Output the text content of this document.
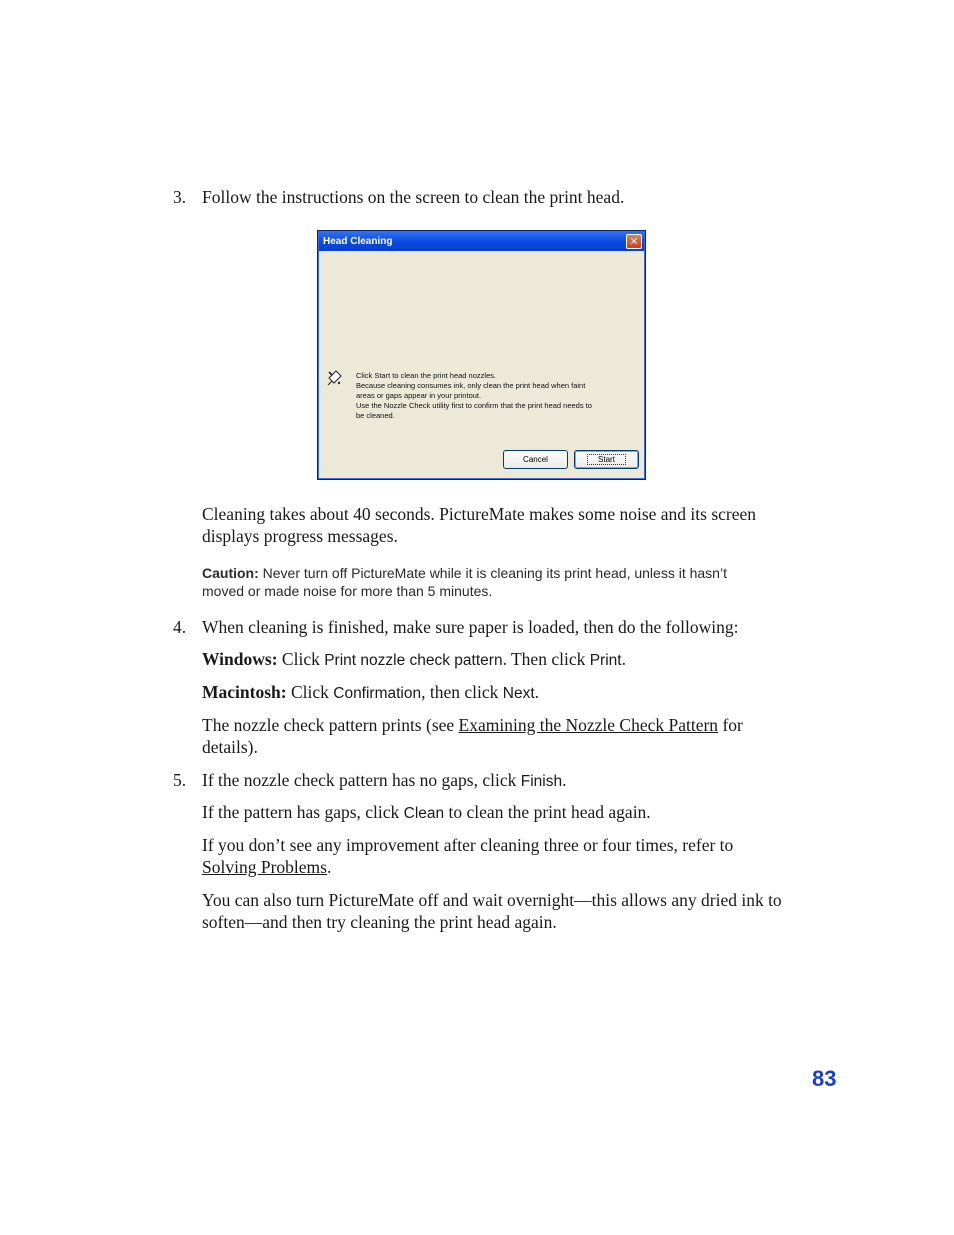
3. Follow the instructions on the screen to clean the print head.
Head Cleaning	✕
Click Start to clean the print head nozzles.
Because cleaning consumes ink, only clean the print head when faint
areas or gaps appear in your printout.
Use the Nozzle Check utility first to confirm that the print head needs to
be cleaned.
Cancel	Start
Cleaning takes about 40 seconds. PictureMate makes some noise and its screen displays progress messages.
Caution: Never turn off PictureMate while it is cleaning its print head, unless it hasn’t moved or made noise for more than 5 minutes.
4. When cleaning is finished, make sure paper is loaded, then do the following:
Windows: Click Print nozzle check pattern. Then click Print.
Macintosh: Click Confirmation, then click Next.
The nozzle check pattern prints (see Examining the Nozzle Check Pattern for details).
5. If the nozzle check pattern has no gaps, click Finish.
If the pattern has gaps, click Clean to clean the print head again.
If you don’t see any improvement after cleaning three or four times, refer to Solving Problems.
You can also turn PictureMate off and wait overnight—this allows any dried ink to soften—and then try cleaning the print head again.
83
